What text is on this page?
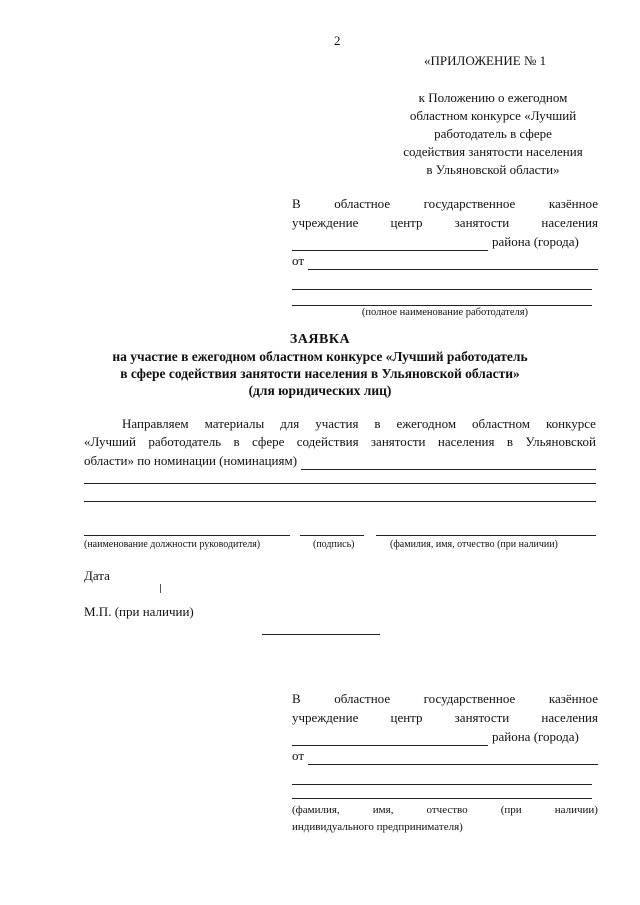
2
«ПРИЛОЖЕНИЕ № 1
к Положению о ежегодном
областном конкурсе «Лучший
работодатель в сфере
содействия занятости населения
в Ульяновской области»
В	областное	государственное	казённое
учреждение центр занятости населения
района (города)
от
(полное наименование работодателя)
ЗАЯВКА
на участие в ежегодном областном конкурсе «Лучший работодатель
в сфере содействия занятости населения в Ульяновской области»
(для юридических лиц)
Направляем материалы для участия в ежегодном областном конкурсе
«Лучший работодатель в сфере содействия занятости населения в Ульяновской
области» по номинации (номинациям)
(наименование должности руководителя)	(подпись)	(фамилия, имя, отчество (при наличии)
Дата
М.П. (при наличии)
В	областное	государственное	казённое
учреждение центр занятости населения
района (города)
от
(фамилия,	имя,	отчество	(при	наличии)
индивидуального предпринимателя)
